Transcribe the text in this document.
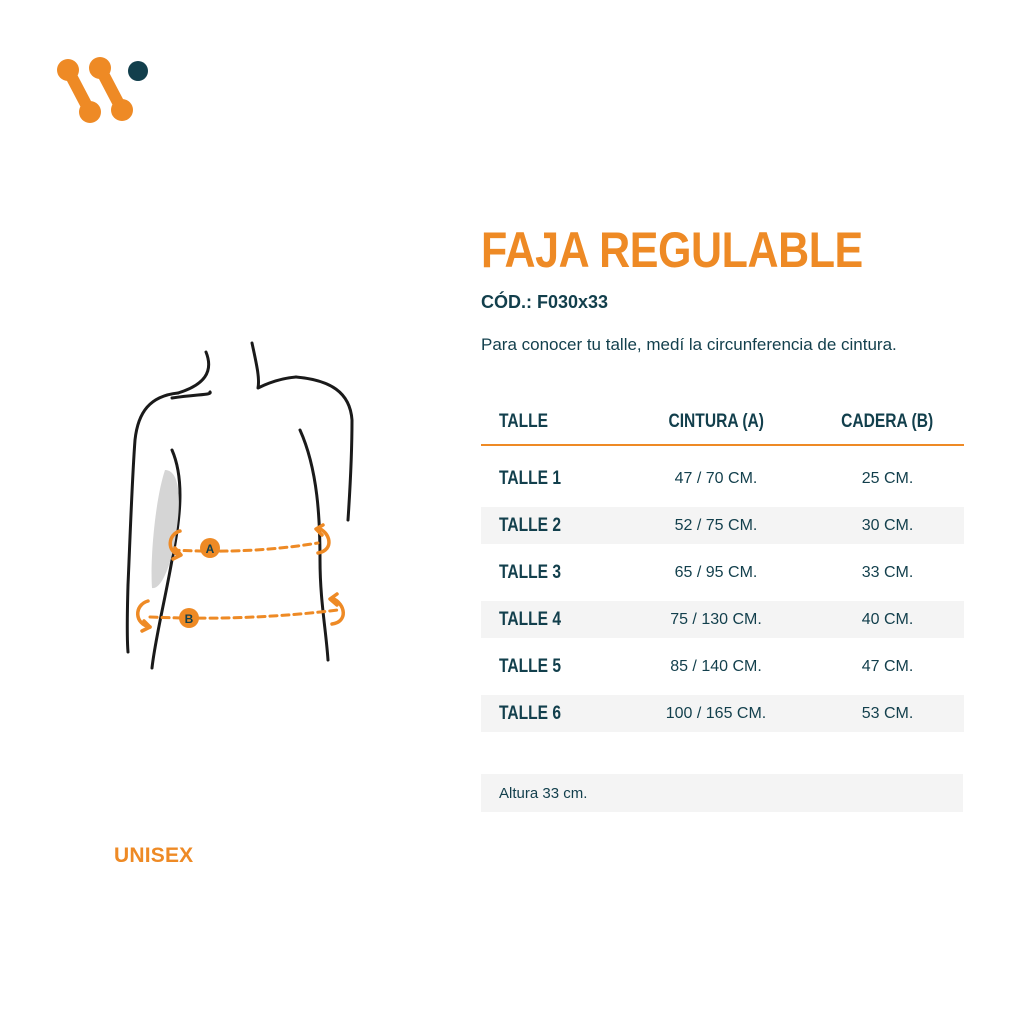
A
B
FAJA REGULABLE
CÓD.: F030x33
Para conocer tu talle, medí la circunferencia de cintura.
TALLE	CINTURA (A)	CADERA (B)
TALLE 1	47 / 70 CM.	25 CM.
TALLE 2	52 / 75 CM.	30 CM.
TALLE 3	65 / 95 CM.	33 CM.
TALLE 4	75 / 130 CM.	40 CM.
TALLE 5	85 / 140 CM.	47 CM.
TALLE 6	100 / 165 CM.	53 CM.
Altura 33 cm.
UNISEX
